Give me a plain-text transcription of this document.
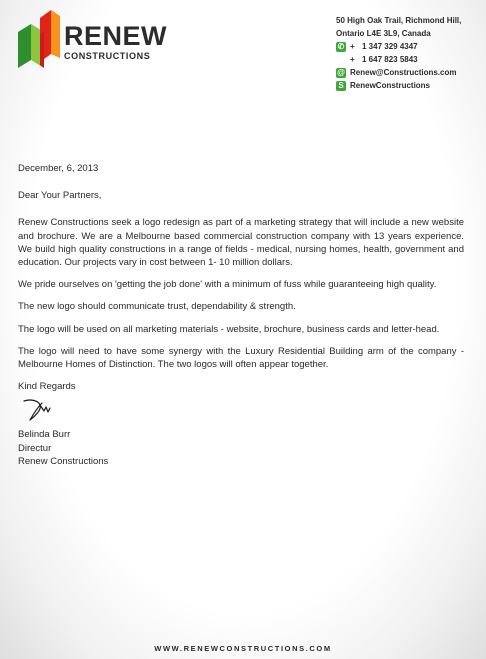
RENEW
CONSTRUCTIONS
50 High Oak Trail, Richmond Hill,
Ontario L4E 3L9, Canada
✆ + 1 347 329 4347
+ 1 647 823 5843
@ Renew@Constructions.com
S RenewConstructions

December, 6, 2013

Dear Your Partners,

Renew Constructions seek a logo redesign as part of a marketing strategy that will include a new website and brochure. We are a Melbourne based commercial construction company with 13 years experience. We build high quality constructions in a range of fields - medical, nursing homes, health, government and education. Our projects vary in cost between 1- 10 million dollars.

We pride ourselves on 'getting the job done' with a minimum of fuss while guaranteeing high quality.

The new logo should communicate trust, dependability & strength.

The logo will be used on all marketing materials - website, brochure, business cards and letter-head.

The logo will need to have some synergy with the Luxury Residential Building arm of the company - Melbourne Homes of Distinction. The two logos will often appear together.

Kind Regards

Belinda Burr
Directur
Renew Constructions
WWW.RENEWCONSTRUCTIONS.COM
